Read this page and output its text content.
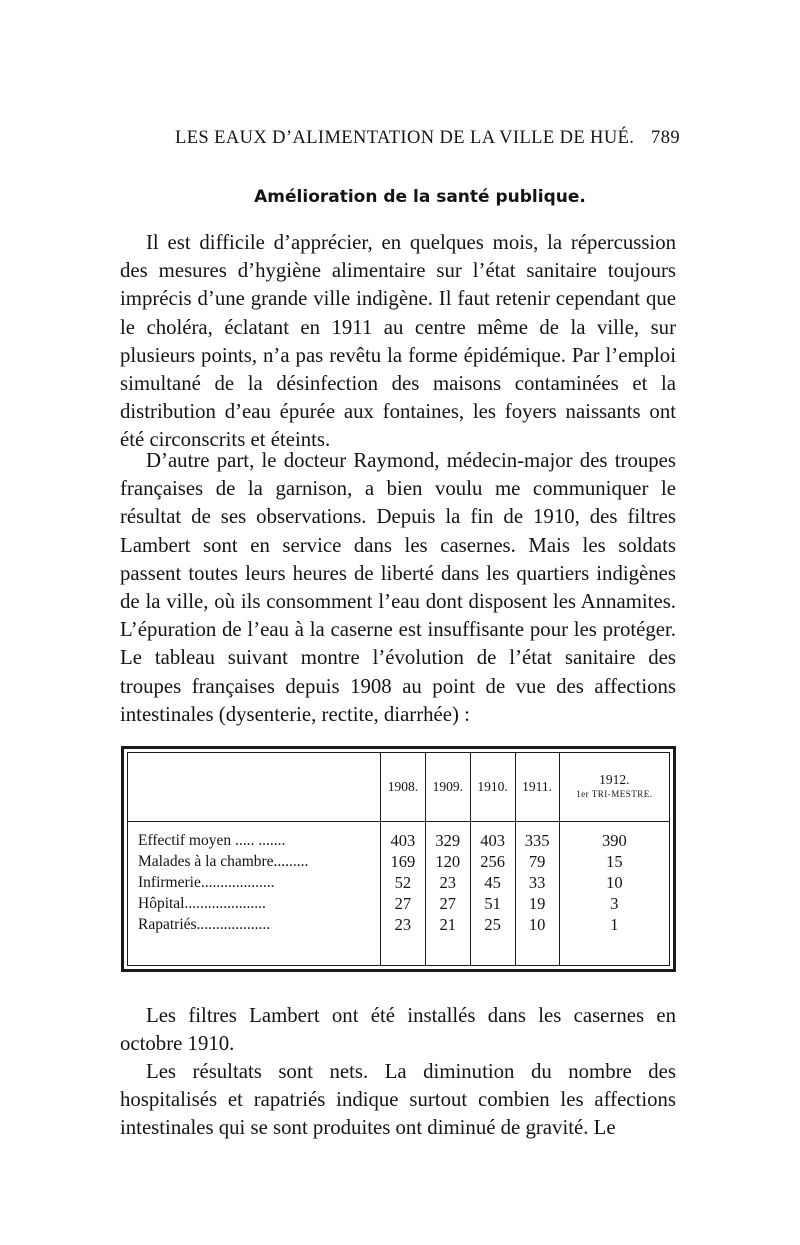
LES EAUX D’ALIMENTATION DE LA VILLE DE HUÉ. 789
Amélioration de la santé publique.

Il est difficile d’apprécier, en quelques mois, la répercussion des mesures d’hygiène alimentaire sur l’état sanitaire toujours imprécis d’une grande ville indigène. Il faut retenir cependant que le choléra, éclatant en 1911 au centre même de la ville, sur plusieurs points, n’a pas revêtu la forme épidémique. Par l’emploi simultané de la désinfection des maisons contaminées et la distribution d’eau épurée aux fontaines, les foyers naissants ont été circonscrits et éteints.

D’autre part, le docteur Raymond, médecin-major des troupes françaises de la garnison, a bien voulu me communiquer le résultat de ses observations. Depuis la fin de 1910, des filtres Lambert sont en service dans les casernes. Mais les soldats passent toutes leurs heures de liberté dans les quartiers indigènes de la ville, où ils consomment l’eau dont disposent les Annamites. L’épuration de l’eau à la caserne est insuffisante pour les protéger. Le tableau suivant montre l’évolution de l’état sanitaire des troupes françaises depuis 1908 au point de vue des affections intestinales (dysenterie, rectite, diarrhée) :

	1908.	1909.	1910.	1911.	1912.
1er TRI-MESTRE.

Effectif moyen ..... .......	403	329	403	335	390
Malades à la chambre.........	169	120	256	79	15
Infirmerie...................	52	23	45	33	10
Hôpital.....................	27	27	51	19	3
Rapatriés...................	23	21	25	10	1

Les filtres Lambert ont été installés dans les casernes en octobre 1910.

Les résultats sont nets. La diminution du nombre des hospitalisés et rapatriés indique surtout combien les affections intestinales qui se sont produites ont diminué de gravité. Le
